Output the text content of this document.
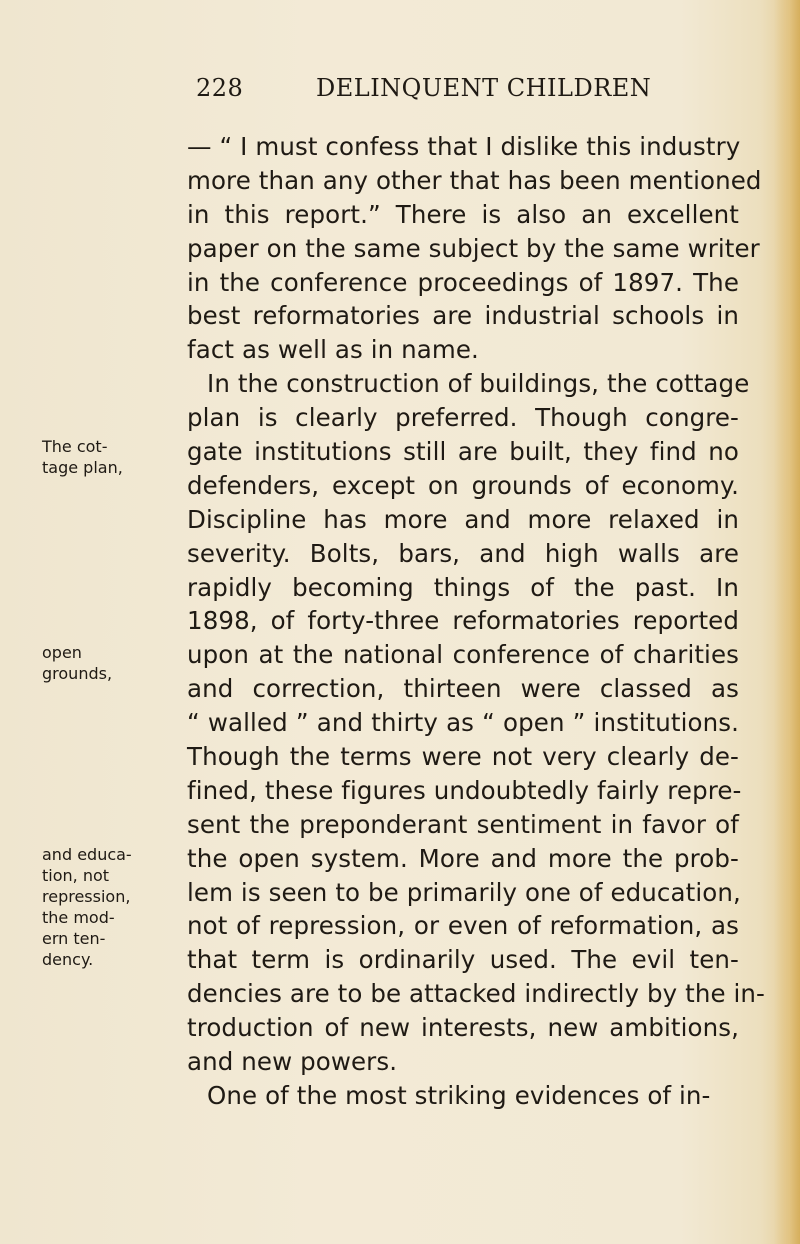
228	DELINQUENT CHILDREN
— “ I must confess that I dislike this industry
more than any other that has been mentioned
in this report.” There is also an excellent
paper on the same subject by the same writer
in the conference proceedings of 1897. The
best reformatories are industrial schools in
fact as well as in name.
In the construction of buildings, the cottage
plan is clearly preferred. Though congre-
gate institutions still are built, they find no
defenders, except on grounds of economy.
Discipline has more and more relaxed in
severity. Bolts, bars, and high walls are
rapidly becoming things of the past. In
1898, of forty-three reformatories reported
upon at the national conference of charities
and correction, thirteen were classed as
“ walled ” and thirty as “ open ” institutions.
Though the terms were not very clearly de-
fined, these figures undoubtedly fairly repre-
sent the preponderant sentiment in favor of
the open system. More and more the prob-
lem is seen to be primarily one of education,
not of repression, or even of reformation, as
that term is ordinarily used. The evil ten-
dencies are to be attacked indirectly by the in-
troduction of new interests, new ambitions,
and new powers.
One of the most striking evidences of in-
The cot-
tage plan,
open
grounds,
and educa-
tion, not
repression,
the mod-
ern ten-
dency.
